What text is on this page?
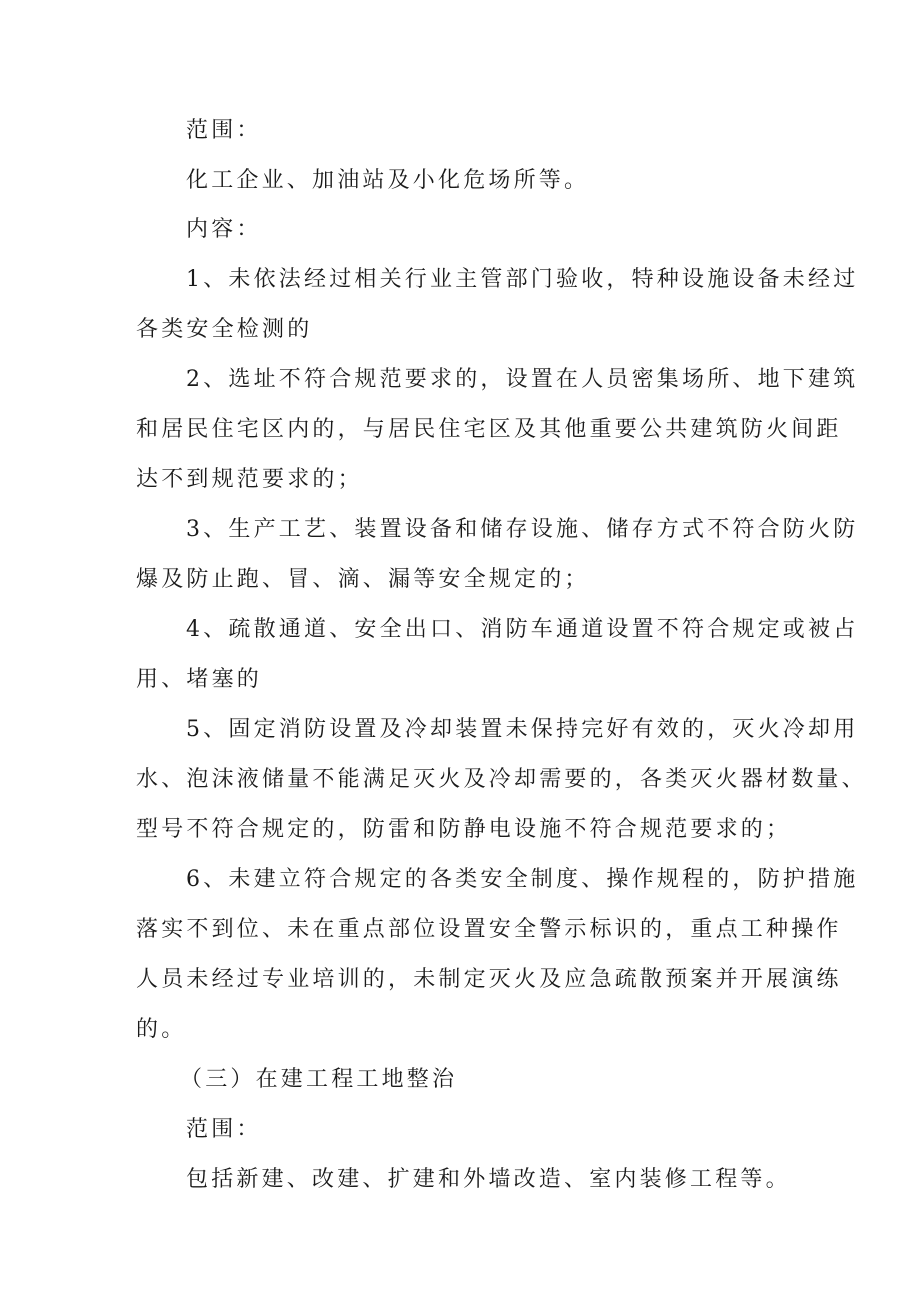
范围：
化工企业、加油站及小化危场所等。
内容：
1、未依法经过相关行业主管部门验收，特种设施设备未经过
各类安全检测的
2、选址不符合规范要求的，设置在人员密集场所、地下建筑
和居民住宅区内的，与居民住宅区及其他重要公共建筑防火间距
达不到规范要求的；
3、生产工艺、装置设备和储存设施、储存方式不符合防火防
爆及防止跑、冒、滴、漏等安全规定的；
4、疏散通道、安全出口、消防车通道设置不符合规定或被占
用、堵塞的
5、固定消防设置及冷却装置未保持完好有效的，灭火冷却用
水、泡沫液储量不能满足灭火及冷却需要的，各类灭火器材数量、
型号不符合规定的，防雷和防静电设施不符合规范要求的；
6、未建立符合规定的各类安全制度、操作规程的，防护措施
落实不到位、未在重点部位设置安全警示标识的，重点工种操作
人员未经过专业培训的，未制定灭火及应急疏散预案并开展演练
的。
（三）在建工程工地整治
范围：
包括新建、改建、扩建和外墙改造、室内装修工程等。
